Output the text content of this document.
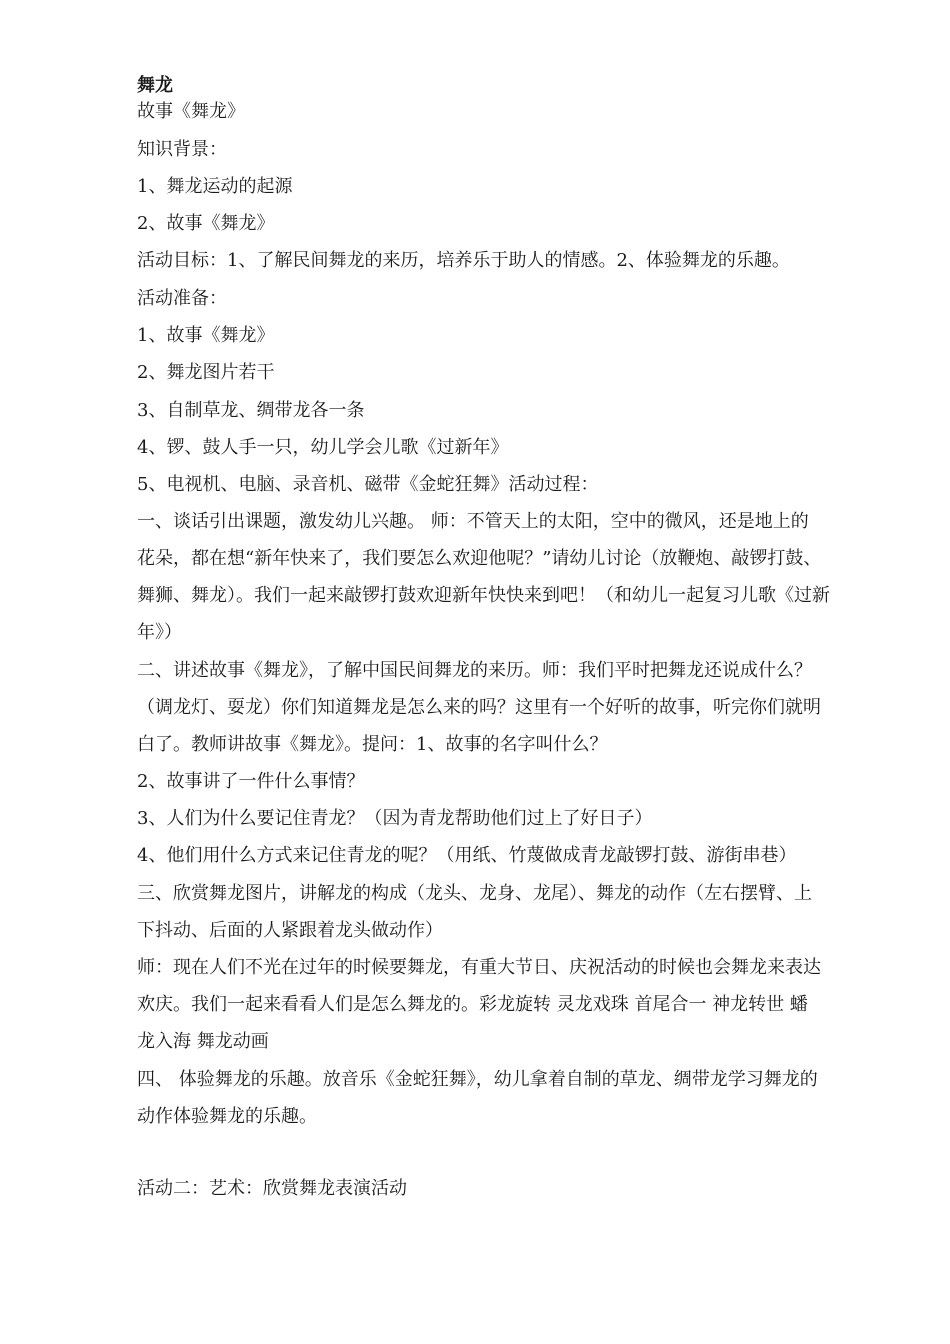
舞龙
故事《舞龙》
知识背景：
1、舞龙运动的起源
2、故事《舞龙》
活动目标：1、了解民间舞龙的来历，培养乐于助人的情感。2、体验舞龙的乐趣。
活动准备：
1、故事《舞龙》
2、舞龙图片若干
3、自制草龙、绸带龙各一条
4、锣、鼓人手一只，幼儿学会儿歌《过新年》
5、电视机、电脑、录音机、磁带《金蛇狂舞》活动过程：
一、谈话引出课题，激发幼儿兴趣。 师：不管天上的太阳，空中的微风，还是地上的
花朵，都在想“新年快来了，我们要怎么欢迎他呢？”请幼儿讨论（放鞭炮、敲锣打鼓、
舞狮、舞龙）。我们一起来敲锣打鼓欢迎新年快快来到吧！（和幼儿一起复习儿歌《过新
年》）
二、讲述故事《舞龙》，了解中国民间舞龙的来历。师：我们平时把舞龙还说成什么？
（调龙灯、耍龙）你们知道舞龙是怎么来的吗？这里有一个好听的故事，听完你们就明
白了。教师讲故事《舞龙》。提问：1、故事的名字叫什么？
2、故事讲了一件什么事情？
3、人们为什么要记住青龙？（因为青龙帮助他们过上了好日子）
4、他们用什么方式来记住青龙的呢？（用纸、竹蔑做成青龙敲锣打鼓、游街串巷）
三、欣赏舞龙图片，讲解龙的构成（龙头、龙身、龙尾）、舞龙的动作（左右摆臂、上
下抖动、后面的人紧跟着龙头做动作）
师：现在人们不光在过年的时候要舞龙，有重大节日、庆祝活动的时候也会舞龙来表达
欢庆。我们一起来看看人们是怎么舞龙的。彩龙旋转 灵龙戏珠 首尾合一 神龙转世 蟠
龙入海 舞龙动画
四、 体验舞龙的乐趣。放音乐《金蛇狂舞》，幼儿拿着自制的草龙、绸带龙学习舞龙的
动作体验舞龙的乐趣。
活动二：艺术：欣赏舞龙表演活动
